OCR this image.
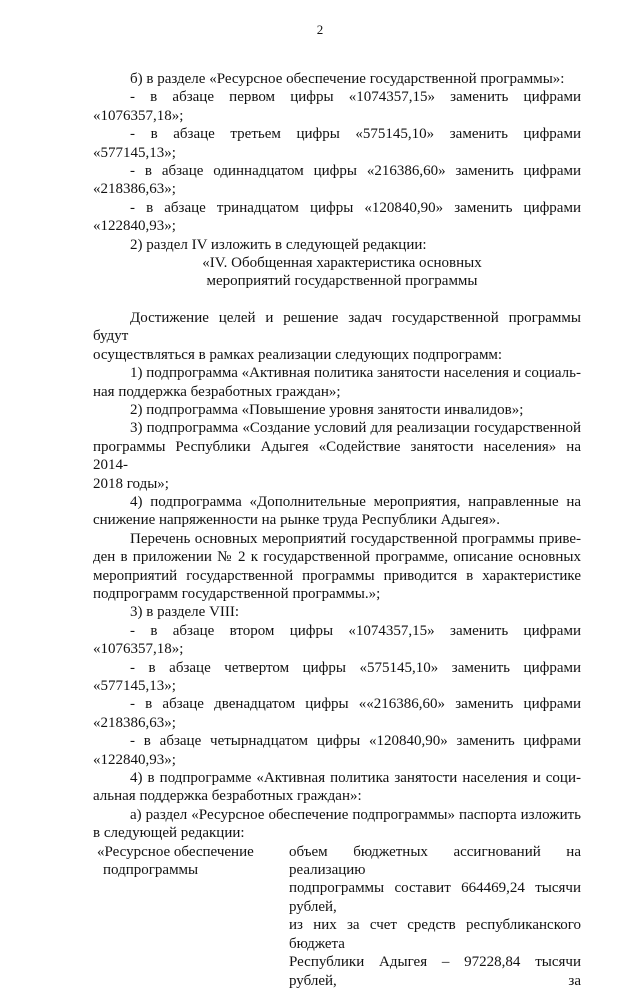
2

б) в разделе «Ресурсное обеспечение государственной программы»:

- в абзаце первом цифры «1074357,15» заменить цифрами

«1076357,18»;

- в абзаце третьем цифры «575145,10» заменить цифрами «577145,13»;

- в абзаце одиннадцатом цифры «216386,60» заменить цифрами

«218386,63»;

- в абзаце тринадцатом цифры «120840,90» заменить цифрами

«122840,93»;

2) раздел IV изложить в следующей редакции:

«IV. Обобщенная характеристика основных

мероприятий государственной программы

Достижение целей и решение задач государственной программы будут

осуществляться в рамках реализации следующих подпрограмм:

1) подпрограмма «Активная политика занятости населения и социаль-

ная поддержка безработных граждан»;

2) подпрограмма «Повышение уровня занятости инвалидов»;

3) подпрограмма «Создание условий для реализации государственной

программы Республики Адыгея «Содействие занятости населения» на 2014-

2018 годы»;

4) подпрограмма «Дополнительные мероприятия, направленные на

снижение напряженности на рынке труда Республики Адыгея».

Перечень основных мероприятий государственной программы приве-

ден в приложении № 2 к государственной программе, описание основных

мероприятий государственной программы приводится в характеристике

подпрограмм государственной программы.»;

3) в разделе VIII:

- в абзаце втором цифры «1074357,15» заменить цифрами

«1076357,18»;

- в абзаце четвертом цифры «575145,10» заменить цифрами

«577145,13»;

- в абзаце двенадцатом цифры ««216386,60» заменить цифрами

«218386,63»;

- в абзаце четырнадцатом цифры «120840,90» заменить цифрами

«122840,93»;

4) в подпрограмме «Активная политика занятости населения и соци-

альная поддержка безработных граждан»:

а) раздел «Ресурсное обеспечение подпрограммы» паспорта изложить

в следующей редакции:

«Ресурсное обеспечение

подпрограммы

объем бюджетных ассигнований на реализацию

подпрограммы составит 664469,24 тысячи рублей,

из них за счет средств республиканского бюджета

Республики Адыгея – 97228,84 тысячи рублей, за
